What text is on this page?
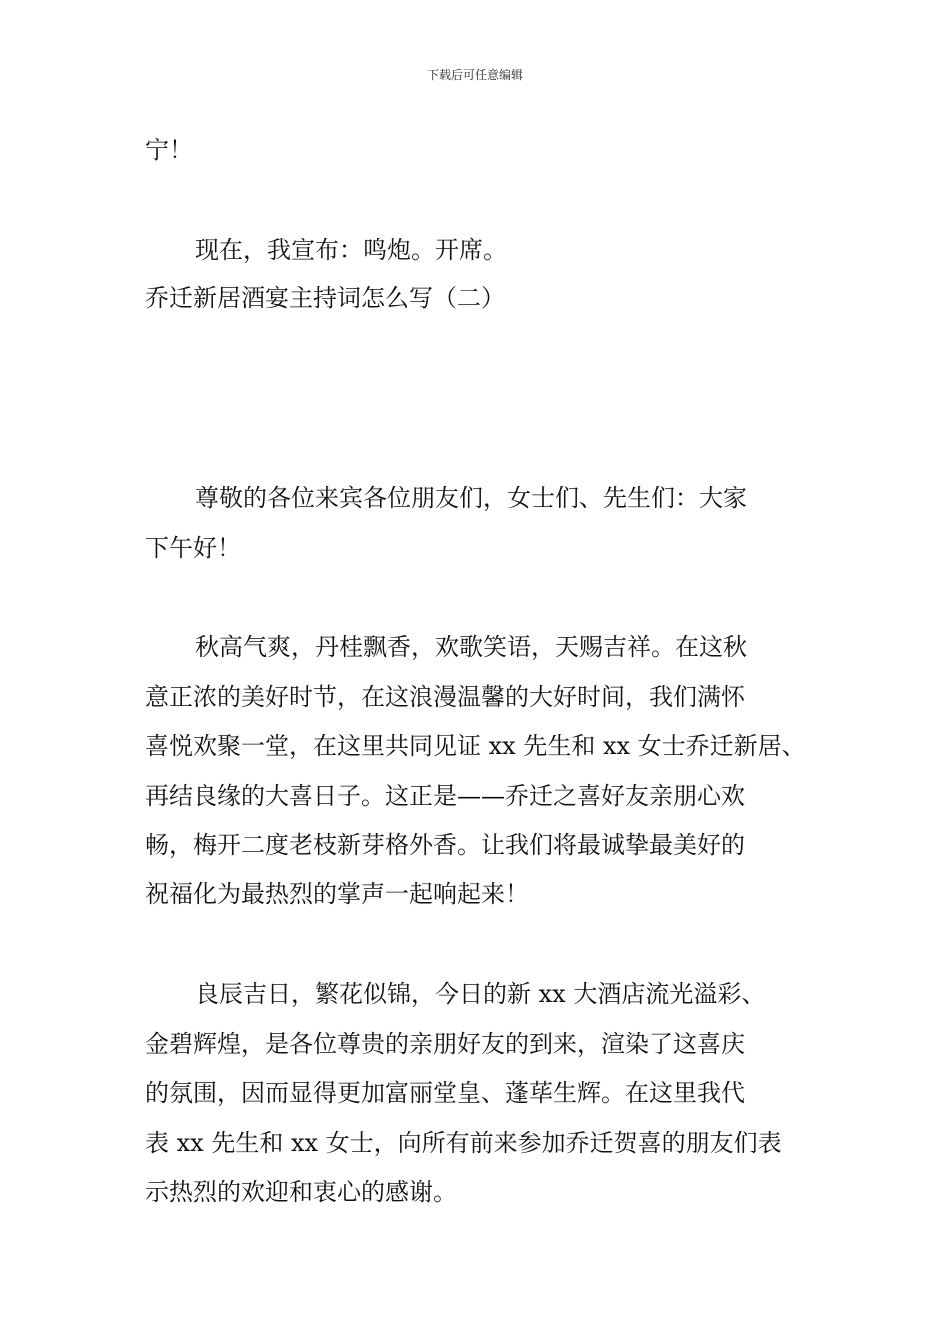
下载后可任意编辑
宁！
现在，我宣布：鸣炮。开席。
乔迁新居酒宴主持词怎么写（二）
尊敬的各位来宾各位朋友们，女士们、先生们：大家
下午好！
秋高气爽，丹桂飘香，欢歌笑语，天赐吉祥。在这秋
意正浓的美好时节，在这浪漫温馨的大好时间，我们满怀
喜悦欢聚一堂，在这里共同见证 xx 先生和 xx 女士乔迁新居、
再结良缘的大喜日子。这正是——乔迁之喜好友亲朋心欢
畅，梅开二度老枝新芽格外香。让我们将最诚挚最美好的
祝福化为最热烈的掌声一起响起来！
良辰吉日，繁花似锦，今日的新 xx 大酒店流光溢彩、
金碧辉煌，是各位尊贵的亲朋好友的到来，渲染了这喜庆
的氛围，因而显得更加富丽堂皇、蓬荜生辉。在这里我代
表 xx 先生和 xx 女士，向所有前来参加乔迁贺喜的朋友们表
示热烈的欢迎和衷心的感谢。
